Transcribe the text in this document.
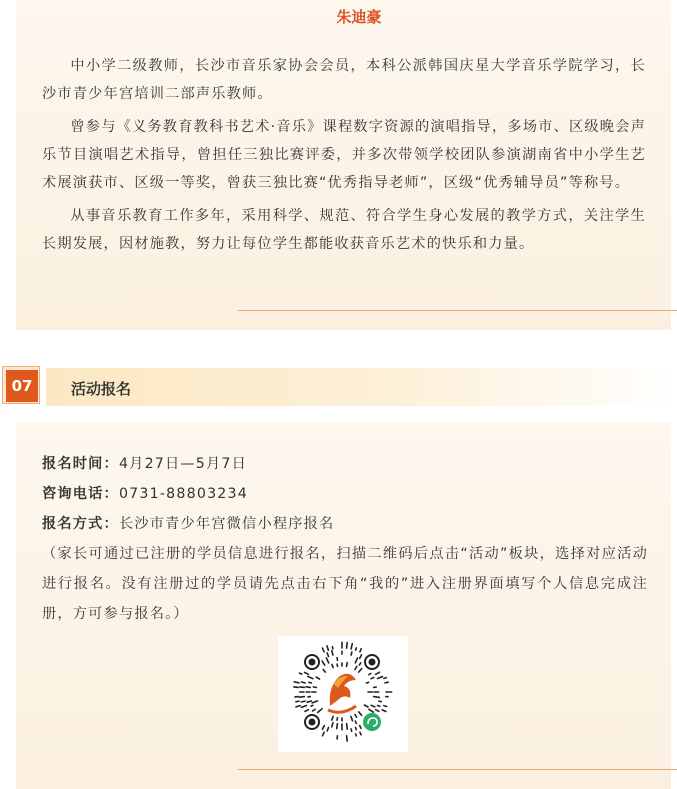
朱迪豪

中小学二级教师，长沙市音乐家协会会员，本科公派韩国庆星大学音乐学院学习，长沙市青少年宫培训二部声乐教师。

曾参与《义务教育教科书艺术·音乐》课程数字资源的演唱指导，多场市、区级晚会声乐节目演唱艺术指导，曾担任三独比赛评委，并多次带领学校团队参演湖南省中小学生艺术展演获市、区级一等奖，曾获三独比赛“优秀指导老师”，区级“优秀辅导员”等称号。

从事音乐教育工作多年，采用科学、规范、符合学生身心发展的教学方式，关注学生长期发展，因材施教，努力让每位学生都能收获音乐艺术的快乐和力量。

07	活动报名
报名时间：4月27日—5月7日
咨询电话：0731-88803234
报名方式：长沙市青少年宫微信小程序报名
（家长可通过已注册的学员信息进行报名，扫描二维码后点击“活动”板块，选择对应活动进行报名。没有注册过的学员请先点击右下角“我的”进入注册界面填写个人信息完成注册，方可参与报名。）
